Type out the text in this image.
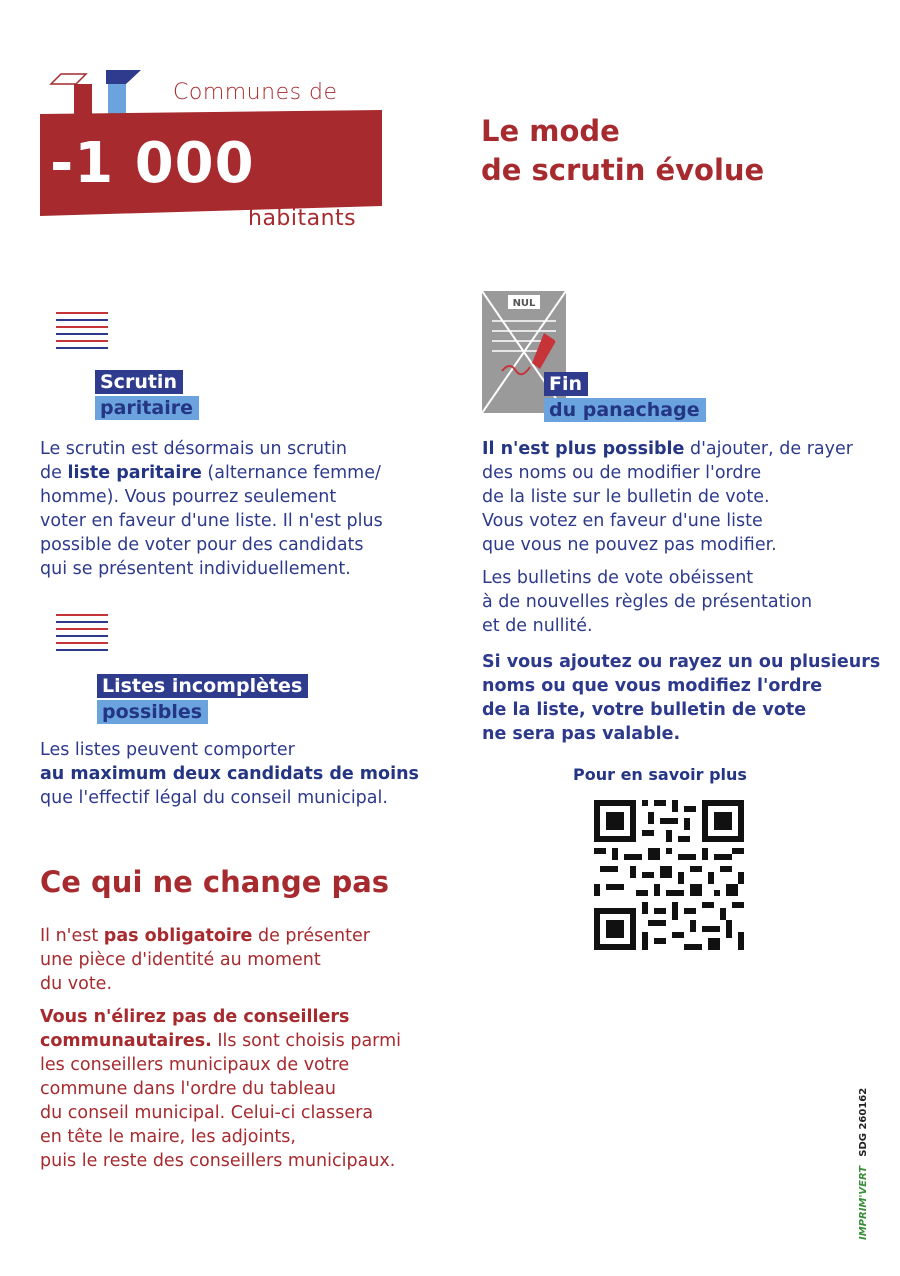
Communes de
-1 000
habitants
Le mode
de scrutin évolue
Scrutin
paritaire
Le scrutin est désormais un scrutin
de liste paritaire (alternance femme/
homme). Vous pourrez seulement
voter en faveur d'une liste. Il n'est plus
possible de voter pour des candidats
qui se présentent individuellement.
Listes incomplètes
possibles
Les listes peuvent comporter
au maximum deux candidats de moins
que l'effectif légal du conseil municipal.
Ce qui ne change pas
Il n'est pas obligatoire de présenter
une pièce d'identité au moment
du vote.
Vous n'élirez pas de conseillers
communautaires. Ils sont choisis parmi
les conseillers municipaux de votre
commune dans l'ordre du tableau
du conseil municipal. Celui-ci classera
en tête le maire, les adjoints,
puis le reste des conseillers municipaux.
NUL
Fin
du panachage
Il n'est plus possible d'ajouter, de rayer
des noms ou de modifier l'ordre
de la liste sur le bulletin de vote.
Vous votez en faveur d'une liste
que vous ne pouvez pas modifier.
Les bulletins de vote obéissent
à de nouvelles règles de présentation
et de nullité.
Si vous ajoutez ou rayez un ou plusieurs
noms ou que vous modifiez l'ordre
de la liste, votre bulletin de vote
ne sera pas valable.
Pour en savoir plus
IMPRIM'VERT SDG 260162
